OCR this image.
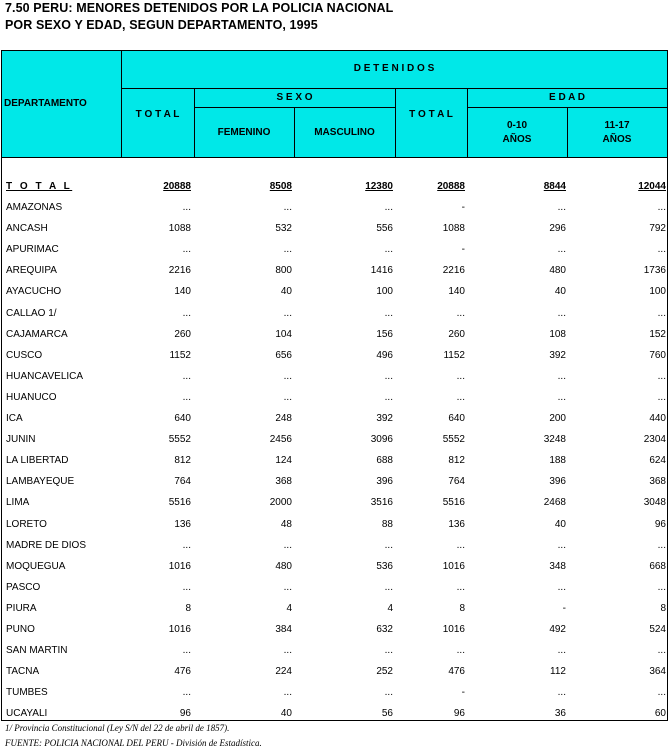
7.50 PERU: MENORES DETENIDOS POR LA POLICIA NACIONAL
POR SEXO Y EDAD, SEGUN DEPARTAMENTO, 1995
DEPARTAMENTO
D E T E N I D O S
T O T A L
S E X O
FEMENINO	MASCULINO
T O T A L
E D A D
0-10
AÑOS
11-17
AÑOS
T O T A L	20888	8508	12380	20888	8844	12044
AMAZONAS	...	...	...	-	...	...
ANCASH	1088	532	556	1088	296	792
APURIMAC	...	...	...	-	...	...
AREQUIPA	2216	800	1416	2216	480	1736
AYACUCHO	140	40	100	140	40	100
CALLAO 1/	...	...	...	...	...	...
CAJAMARCA	260	104	156	260	108	152
CUSCO	1152	656	496	1152	392	760
HUANCAVELICA	...	...	...	...	...	...
HUANUCO	...	...	...	...	...	...
ICA	640	248	392	640	200	440
JUNIN	5552	2456	3096	5552	3248	2304
LA LIBERTAD	812	124	688	812	188	624
LAMBAYEQUE	764	368	396	764	396	368
LIMA	5516	2000	3516	5516	2468	3048
LORETO	136	48	88	136	40	96
MADRE DE DIOS	...	...	...	...	...	...
MOQUEGUA	1016	480	536	1016	348	668
PASCO	...	...	...	...	...	...
PIURA	8	4	4	8	-	8
PUNO	1016	384	632	1016	492	524
SAN MARTIN	...	...	...	...	...	...
TACNA	476	224	252	476	112	364
TUMBES	...	...	...	-	...	...
UCAYALI	96	40	56	96	36	60
1/ Provincia Constitucional (Ley S/N del 22 de abril de 1857).
FUENTE: POLICIA NACIONAL DEL PERU - División de Estadística.
